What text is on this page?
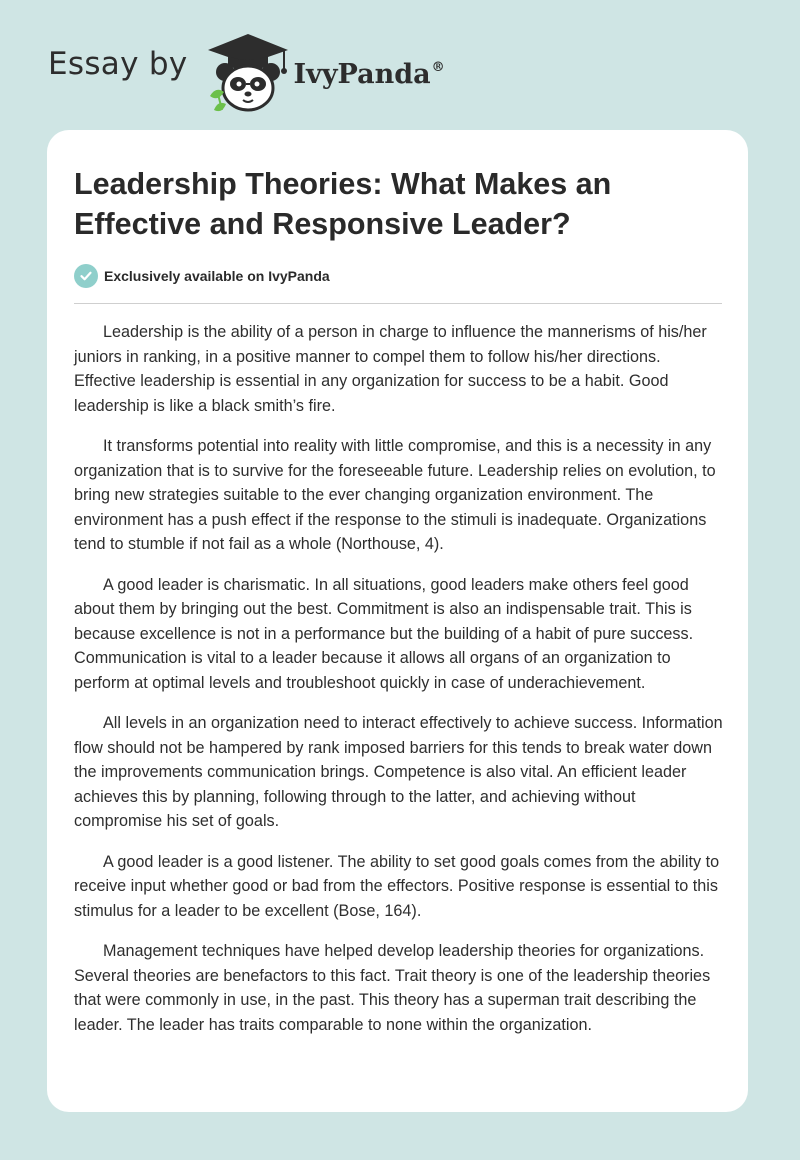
Essay by	IvyPanda®
Leadership Theories: What Makes an Effective and Responsive Leader?
Exclusively available on IvyPanda

Leadership is the ability of a person in charge to influence the mannerisms of his/her juniors in ranking, in a positive manner to compel them to follow his/her directions. Effective leadership is essential in any organization for success to be a habit. Good leadership is like a black smith’s fire.

It transforms potential into reality with little compromise, and this is a necessity in any organization that is to survive for the foreseeable future. Leadership relies on evolution, to bring new strategies suitable to the ever changing organization environment. The environment has a push effect if the response to the stimuli is inadequate. Organizations tend to stumble if not fail as a whole (Northouse, 4).

A good leader is charismatic. In all situations, good leaders make others feel good about them by bringing out the best. Commitment is also an indispensable trait. This is because excellence is not in a performance but the building of a habit of pure success. Communication is vital to a leader because it allows all organs of an organization to perform at optimal levels and troubleshoot quickly in case of underachievement.

All levels in an organization need to interact effectively to achieve success. Information flow should not be hampered by rank imposed barriers for this tends to break water down the improvements communication brings. Competence is also vital. An efficient leader achieves this by planning, following through to the latter, and achieving without compromise his set of goals.

A good leader is a good listener. The ability to set good goals comes from the ability to receive input whether good or bad from the effectors. Positive response is essential to this stimulus for a leader to be excellent (Bose, 164).

Management techniques have helped develop leadership theories for organizations. Several theories are benefactors to this fact. Trait theory is one of the leadership theories that were commonly in use, in the past. This theory has a superman trait describing the leader. The leader has traits comparable to none within the organization.
